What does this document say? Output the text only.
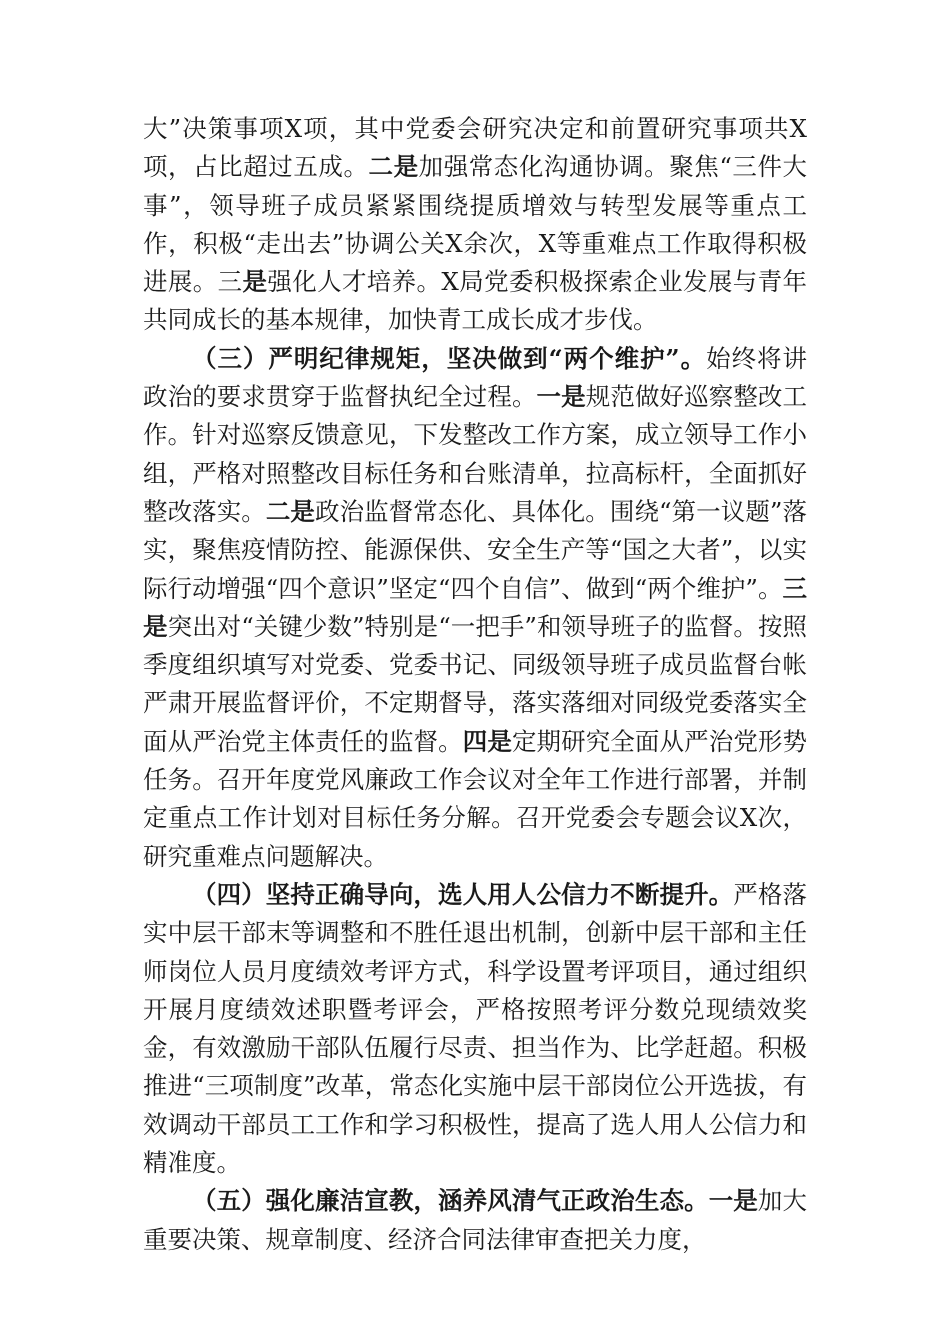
大”决策事项X项，其中党委会研究决定和前置研究事项共X项，占比超过五成。二是加强常态化沟通协调。聚焦“三件大事”，领导班子成员紧紧围绕提质增效与转型发展等重点工作，积极“走出去”协调公关X余次，X等重难点工作取得积极进展。三是强化人才培养。X局党委积极探索企业发展与青年共同成长的基本规律，加快青工成长成才步伐。

（三）严明纪律规矩，坚决做到“两个维护”。始终将讲政治的要求贯穿于监督执纪全过程。一是规范做好巡察整改工作。针对巡察反馈意见，下发整改工作方案，成立领导工作小组，严格对照整改目标任务和台账清单，拉高标杆，全面抓好整改落实。二是政治监督常态化、具体化。围绕“第一议题”落实，聚焦疫情防控、能源保供、安全生产等“国之大者”，以实际行动增强“四个意识”坚定“四个自信”、做到“两个维护”。三是突出对“关键少数”特别是“一把手”和领导班子的监督。按照季度组织填写对党委、党委书记、同级领导班子成员监督台帐严肃开展监督评价，不定期督导，落实落细对同级党委落实全面从严治党主体责任的监督。四是定期研究全面从严治党形势任务。召开年度党风廉政工作会议对全年工作进行部署，并制定重点工作计划对目标任务分解。召开党委会专题会议X次，研究重难点问题解决。

（四）坚持正确导向，选人用人公信力不断提升。严格落实中层干部末等调整和不胜任退出机制，创新中层干部和主任师岗位人员月度绩效考评方式，科学设置考评项目，通过组织开展月度绩效述职暨考评会，严格按照考评分数兑现绩效奖金，有效激励干部队伍履行尽责、担当作为、比学赶超。积极推进“三项制度”改革，常态化实施中层干部岗位公开选拔，有效调动干部员工工作和学习积极性，提高了选人用人公信力和精准度。

（五）强化廉洁宣教，涵养风清气正政治生态。一是加大重要决策、规章制度、经济合同法律审查把关力度，
